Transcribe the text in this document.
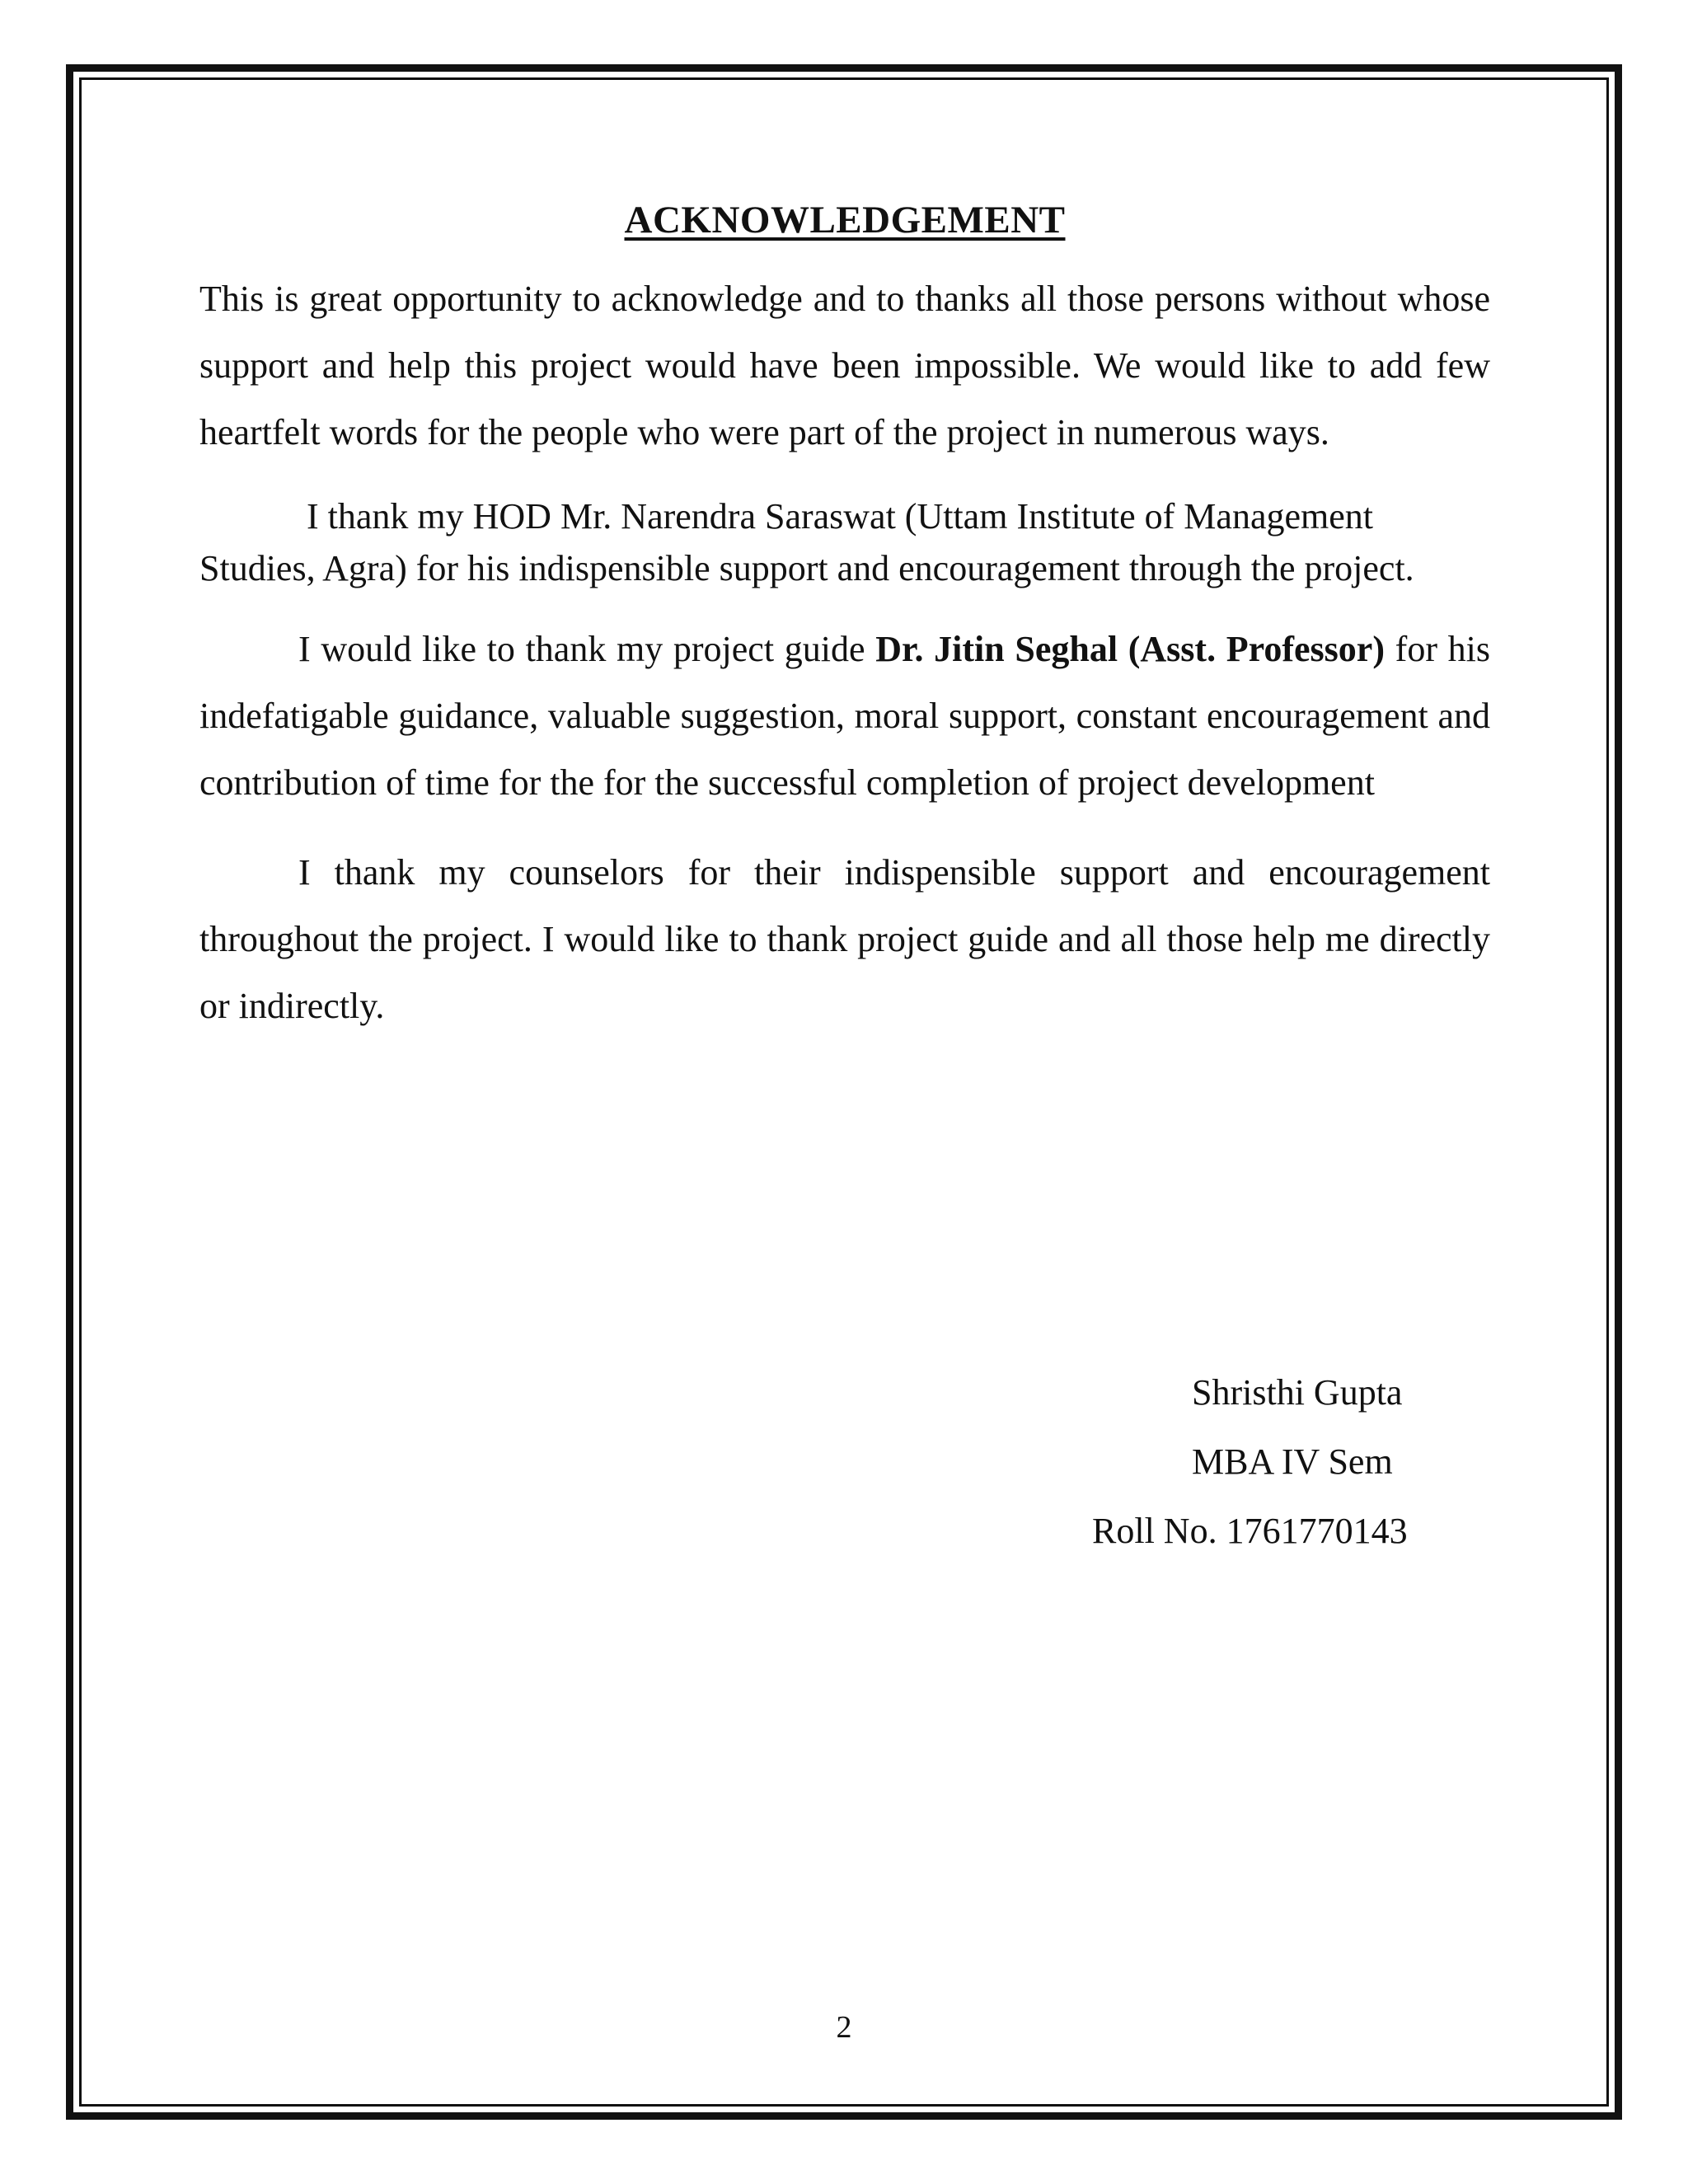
ACKNOWLEDGEMENT

This is great opportunity to acknowledge and to thanks all those persons without whose support and help this project would have been impossible. We would like to add few heartfelt words for the people who were part of the project in numerous ways.

I thank my HOD Mr. Narendra Saraswat (Uttam Institute of Management Studies, Agra) for his indispensible support and encouragement through the project.

I would like to thank my project guide Dr. Jitin Seghal (Asst. Professor) for his indefatigable guidance, valuable suggestion, moral support, constant encouragement and contribution of time for the for the successful completion of project development

I thank my counselors for their indispensible support and encouragement throughout the project. I would like to thank project guide and all those help me directly or indirectly.

Shristhi Gupta
MBA IV Sem
Roll No. 1761770143
2
